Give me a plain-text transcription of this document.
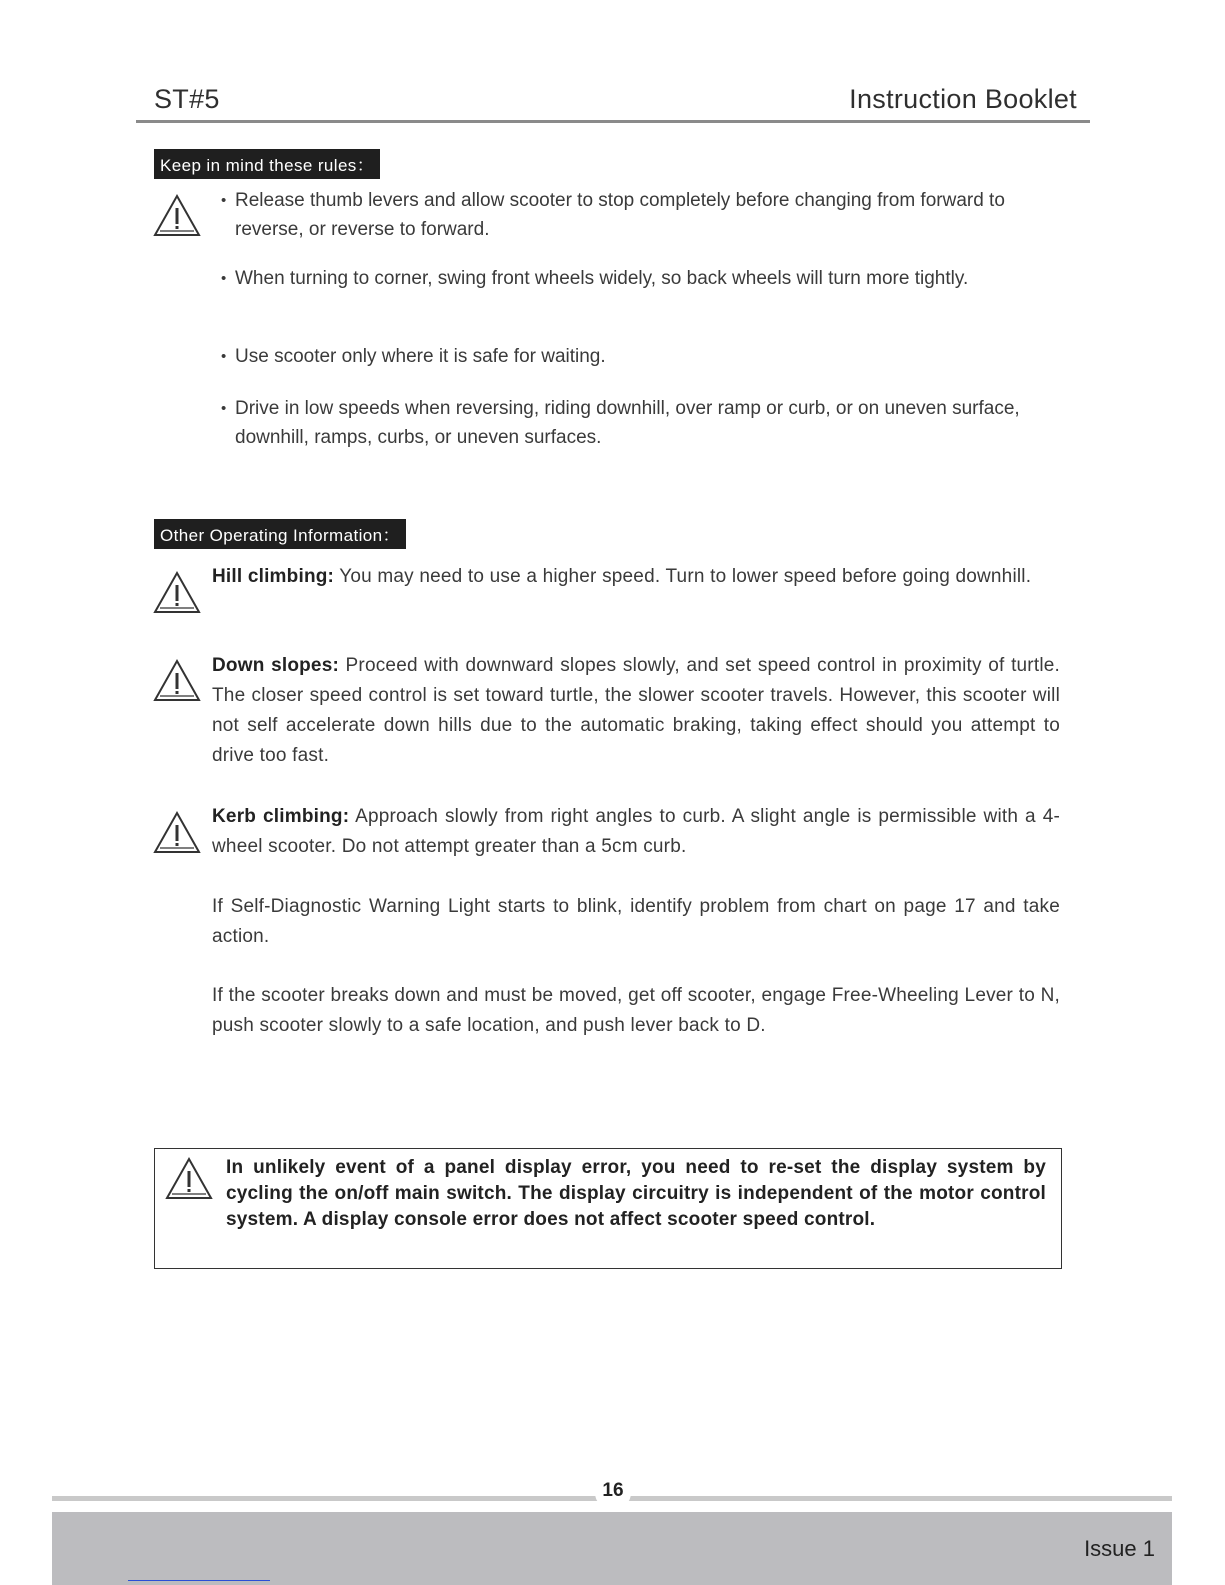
ST#5	Instruction Booklet
Keep in mind these rules：
• Release thumb levers and allow scooter to stop completely before changing from forward to reverse, or reverse to forward.
• When turning to corner, swing front wheels widely, so back wheels will turn more tightly.
• Use scooter only where it is safe for waiting.
• Drive in low speeds when reversing, riding downhill, over ramp or curb, or on uneven surface, downhill, ramps, curbs, or uneven surfaces.
Other Operating Information：
Hill climbing: You may need to use a higher speed. Turn to lower speed before going downhill.
Down slopes: Proceed with downward slopes slowly, and set speed control in proximity of turtle. The closer speed control is set toward turtle, the slower scooter travels. However, this scooter will not self accelerate down hills due to the automatic braking, taking effect should you attempt to drive too fast.
Kerb climbing: Approach slowly from right angles to curb. A slight angle is permissible with a 4-wheel scooter. Do not attempt greater than a 5cm curb.
If Self-Diagnostic Warning Light starts to blink, identify problem from chart on page 17 and take action.
If the scooter breaks down and must be moved, get off scooter, engage Free-Wheeling Lever to N, push scooter slowly to a safe location, and push lever back to D.
In unlikely event of a panel display error, you need to re-set the display system by cycling the on/off main switch. The display circuitry is independent of the motor control system. A display console error does not affect scooter speed control.
16
Issue 1
